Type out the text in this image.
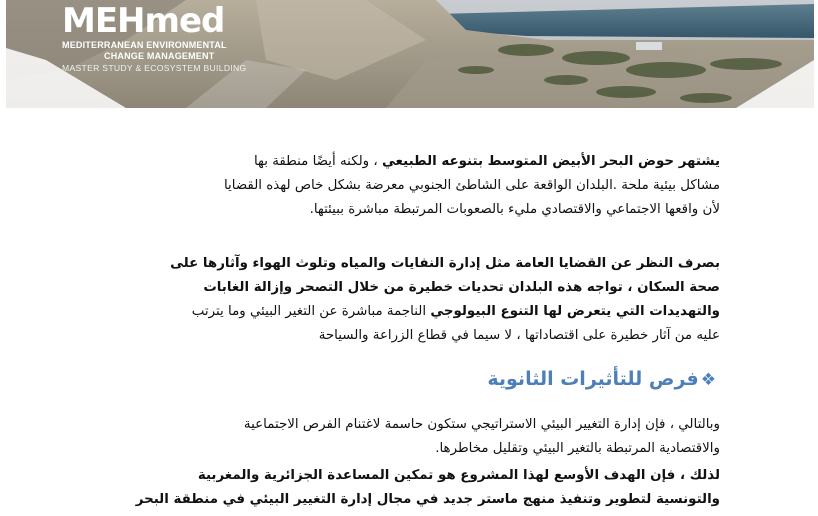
MEHmed
MEDITERRANEAN ENVIRONMENTAL
CHANGE MANAGEMENT
MASTER STUDY & ECOSYSTEM BUILDING

يشتهر حوض البحر الأبيض المتوسط بتنوعه الطبيعي ، ولكنه أيضًا منطقة بها
مشاكل بيئية ملحة .البلدان الواقعة على الشاطئ الجنوبي معرضة بشكل خاص لهذه القضايا
لأن واقعها الاجتماعي والاقتصادي مليء بالصعوبات المرتبطة مباشرة ببيئتها.

بصرف النظر عن القضايا العامة مثل إدارة النفايات والمياه وتلوث الهواء وآثارها على
صحة السكان ، تواجه هذه البلدان تحديات خطيرة من خلال التصحر وإزالة الغابات
والتهديدات التي يتعرض لها التنوع البيولوجي الناجمة مباشرة عن التغير البيئي وما يترتب
عليه من آثار خطيرة على اقتصاداتها ، لا سيما في قطاع الزراعة والسياحة

❖فرص للتأثيرات الثانوية

وبالتالي ، فإن إدارة التغيير البيئي الاستراتيجي ستكون حاسمة لاغتنام الفرص الاجتماعية
والاقتصادية المرتبطة بالتغير البيئي وتقليل مخاطرها.

لذلك ، فإن الهدف الأوسع لهذا المشروع هو تمكين المساعدة الجزائرية والمغربية
والتونسية لتطوير وتنفيذ منهج ماستر جديد في مجال إدارة التغيير البيئي في منطقة البحر
